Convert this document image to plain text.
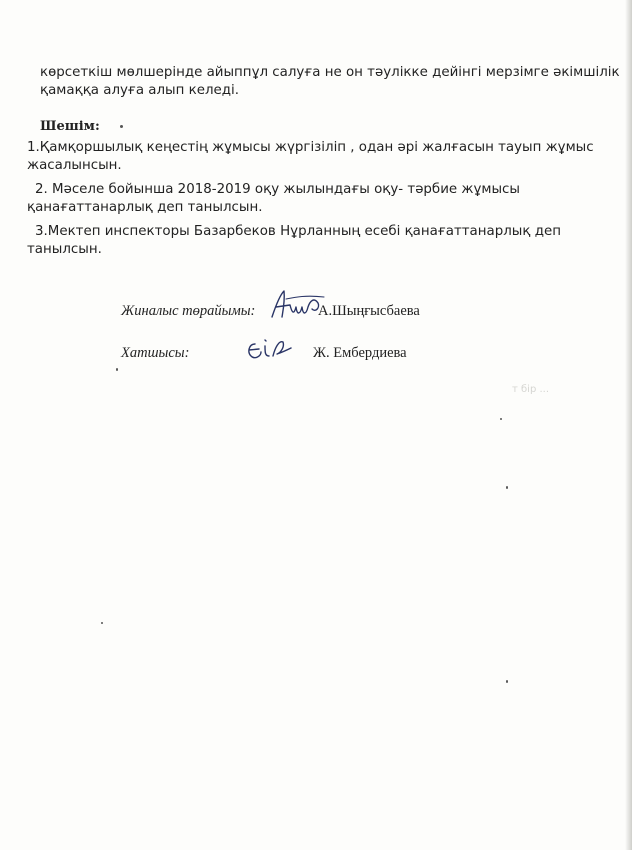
көрсеткіш мөлшерінде айыппұл салуға не он тәулікке дейінгі мерзімге әкімшілік
қамаққа алуға алып келеді.
Шешім:
1.Қамқоршылық кеңестің жұмысы жүргізіліп , одан әрі жалғасын тауып жұмыс
жасалынсын.
2. Мәселе бойынша 2018-2019 оқу жылындағы оқу- тәрбие жұмысы
қанағаттанарлық деп танылсын.
3.Мектеп инспекторы Базарбеков Нұрланның есебі қанағаттанарлық деп
танылсын.
Жиналыс төрайымы:	А.Шыңғысбаева
Хатшысы:	Ж. Ембердиева
т бір ...
